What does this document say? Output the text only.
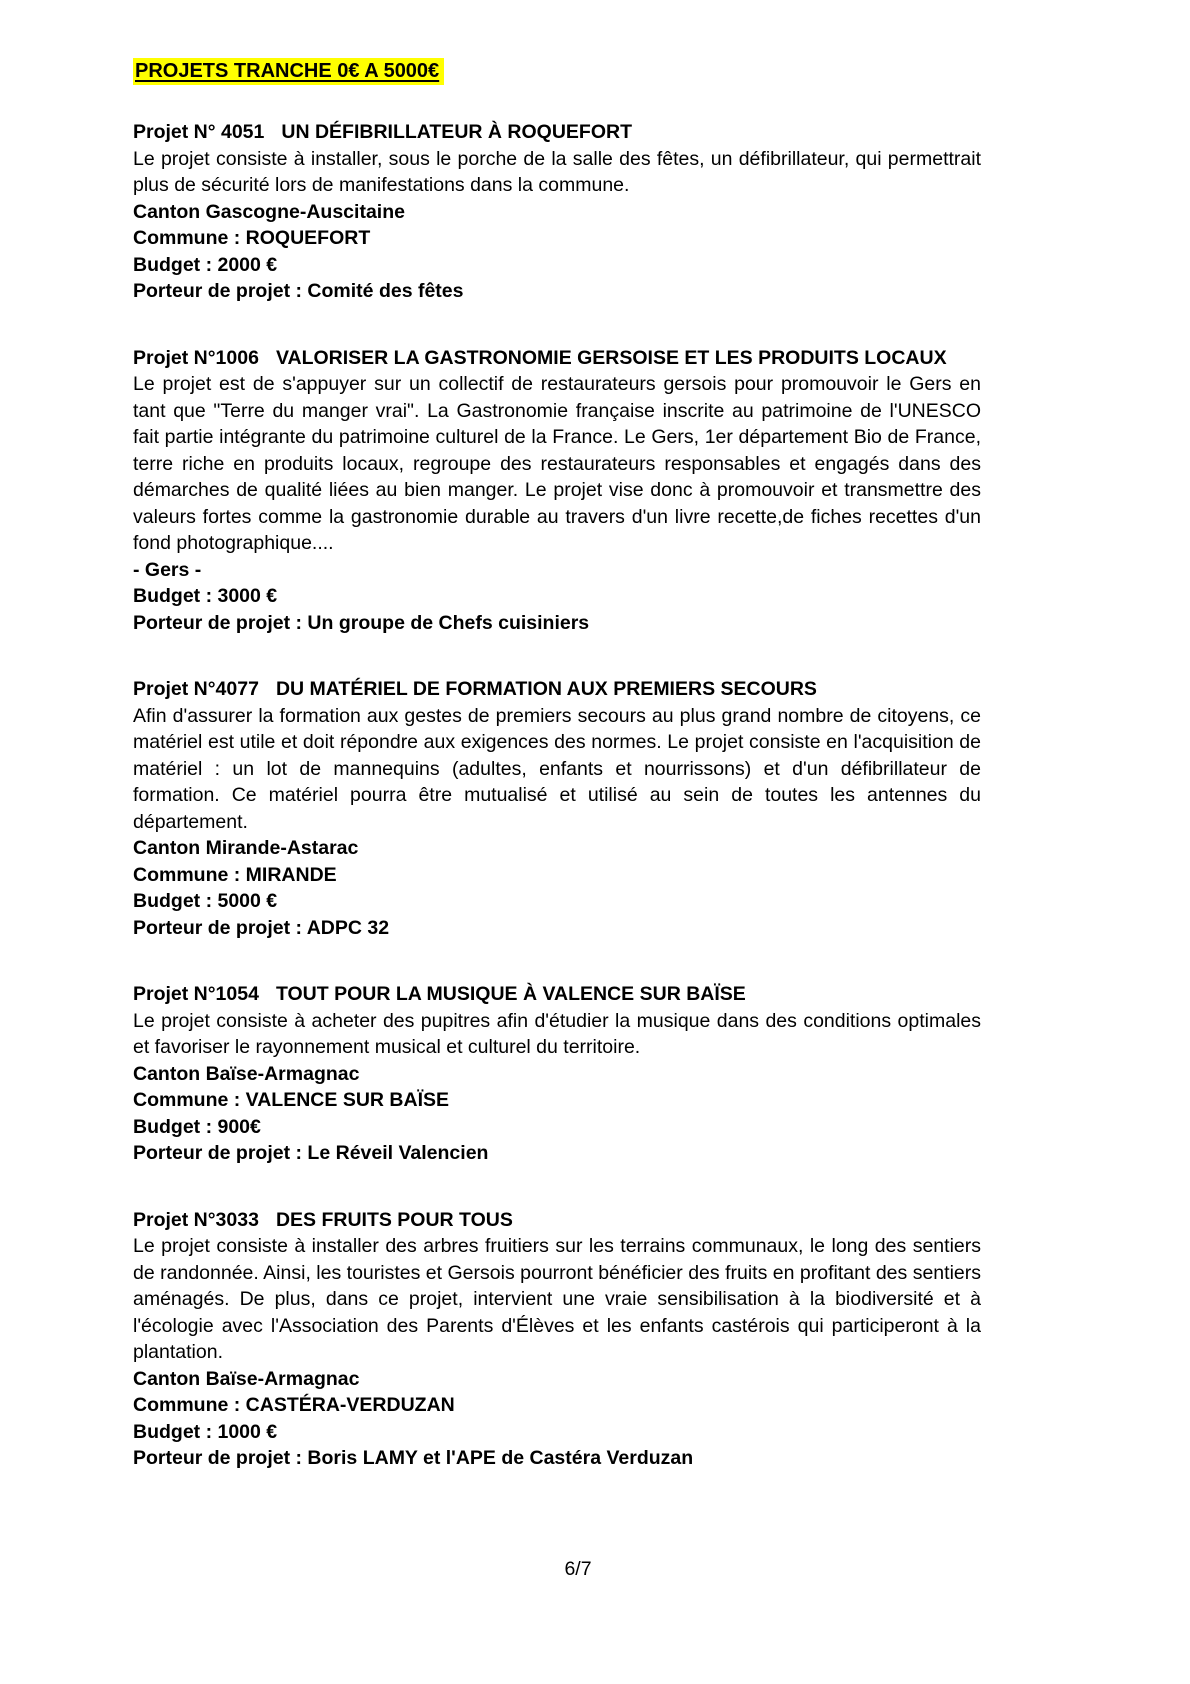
PROJETS TRANCHE 0€ A 5000€
Projet N° 4051 UN DÉFIBRILLATEUR À ROQUEFORT

Le projet consiste à installer, sous le porche de la salle des fêtes, un défibrillateur, qui permettrait plus de sécurité lors de manifestations dans la commune.

Canton Gascogne-Auscitaine
Commune : ROQUEFORT
Budget : 2000 €
Porteur de projet : Comité des fêtes
Projet N°1006 VALORISER LA GASTRONOMIE GERSOISE ET LES PRODUITS LOCAUX

Le projet est de s'appuyer sur un collectif de restaurateurs gersois pour promouvoir le Gers en tant que "Terre du manger vrai". La Gastronomie française inscrite au patrimoine de l'UNESCO fait partie intégrante du patrimoine culturel de la France. Le Gers, 1er département Bio de France, terre riche en produits locaux, regroupe des restaurateurs responsables et engagés dans des démarches de qualité liées au bien manger. Le projet vise donc à promouvoir et transmettre des valeurs fortes comme la gastronomie durable au travers d'un livre recette,de fiches recettes d'un fond photographique....

- Gers -
Budget : 3000 €
Porteur de projet : Un groupe de Chefs cuisiniers
Projet N°4077 DU MATÉRIEL DE FORMATION AUX PREMIERS SECOURS

Afin d'assurer la formation aux gestes de premiers secours au plus grand nombre de citoyens, ce matériel est utile et doit répondre aux exigences des normes. Le projet consiste en l'acquisition de matériel : un lot de mannequins (adultes, enfants et nourrissons) et d'un défibrillateur de formation. Ce matériel pourra être mutualisé et utilisé au sein de toutes les antennes du département.

Canton Mirande-Astarac
Commune : MIRANDE
Budget : 5000 €
Porteur de projet : ADPC 32
Projet N°1054 TOUT POUR LA MUSIQUE À VALENCE SUR BAÏSE

Le projet consiste à acheter des pupitres afin d'étudier la musique dans des conditions optimales et favoriser le rayonnement musical et culturel du territoire.

Canton Baïse-Armagnac
Commune : VALENCE SUR BAÏSE
Budget : 900€
Porteur de projet : Le Réveil Valencien
Projet N°3033 DES FRUITS POUR TOUS

Le projet consiste à installer des arbres fruitiers sur les terrains communaux, le long des sentiers de randonnée. Ainsi, les touristes et Gersois pourront bénéficier des fruits en profitant des sentiers aménagés. De plus, dans ce projet, intervient une vraie sensibilisation à la biodiversité et à l'écologie avec l'Association des Parents d'Élèves et les enfants castérois qui participeront à la plantation.

Canton Baïse-Armagnac
Commune : CASTÉRA-VERDUZAN
Budget : 1000 €
Porteur de projet : Boris LAMY et l'APE de Castéra Verduzan
6/7
